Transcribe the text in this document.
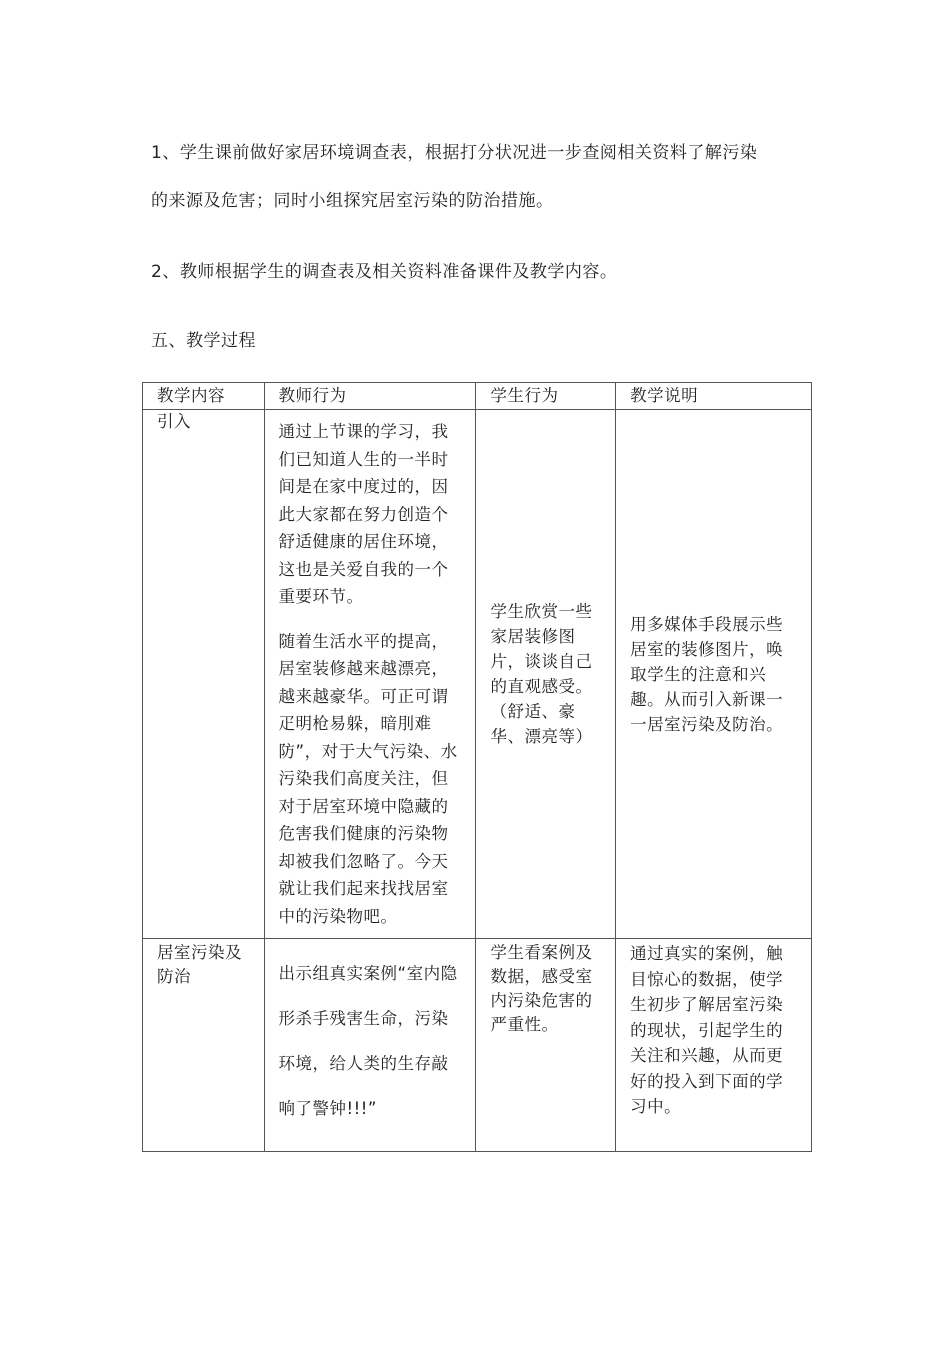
1、学生课前做好家居环境调查表，根据打分状况进一步查阅相关资料了解污染

的来源及危害；同时小组探究居室污染的防治措施。

2、教师根据学生的调查表及相关资料准备课件及教学内容。

五、教学过程

教学内容	教师行为	学生行为	教学说明

引入	通过上节课的学习，我们已知道人生的一半时间是在家中度过的，因此大家都在努力创造个舒适健康的居住环境，这也是关爱自我的一个重要环节。
随着生活水平的提高，居室装修越来越漂亮，越来越豪华。可正可谓疋明枪易躲，暗刖难防”，对于大气污染、水污染我们高度关注，但对于居室环境中隐藏的危害我们健康的污染物却被我们忽略了。今天就让我们起来找找居室中的污染物吧。	学生欣赏一些家居装修图片，谈谈自己的直观感受。（舒适、豪华、漂亮等）	用多媒体手段展示些居室的装修图片，唤取学生的注意和兴趣。从而引入新课一一居室污染及防治。

居室污染及防治	出示组真实案例“室内隐形杀手残害生命，污染环境，给人类的生存敲响了警钟!!!”	学生看案例及数据，感受室内污染危害的严重性。	通过真实的案例，触目惊心的数据，使学生初步了解居室污染的现状，引起学生的关注和兴趣，从而更好的投入到下面的学习中。
